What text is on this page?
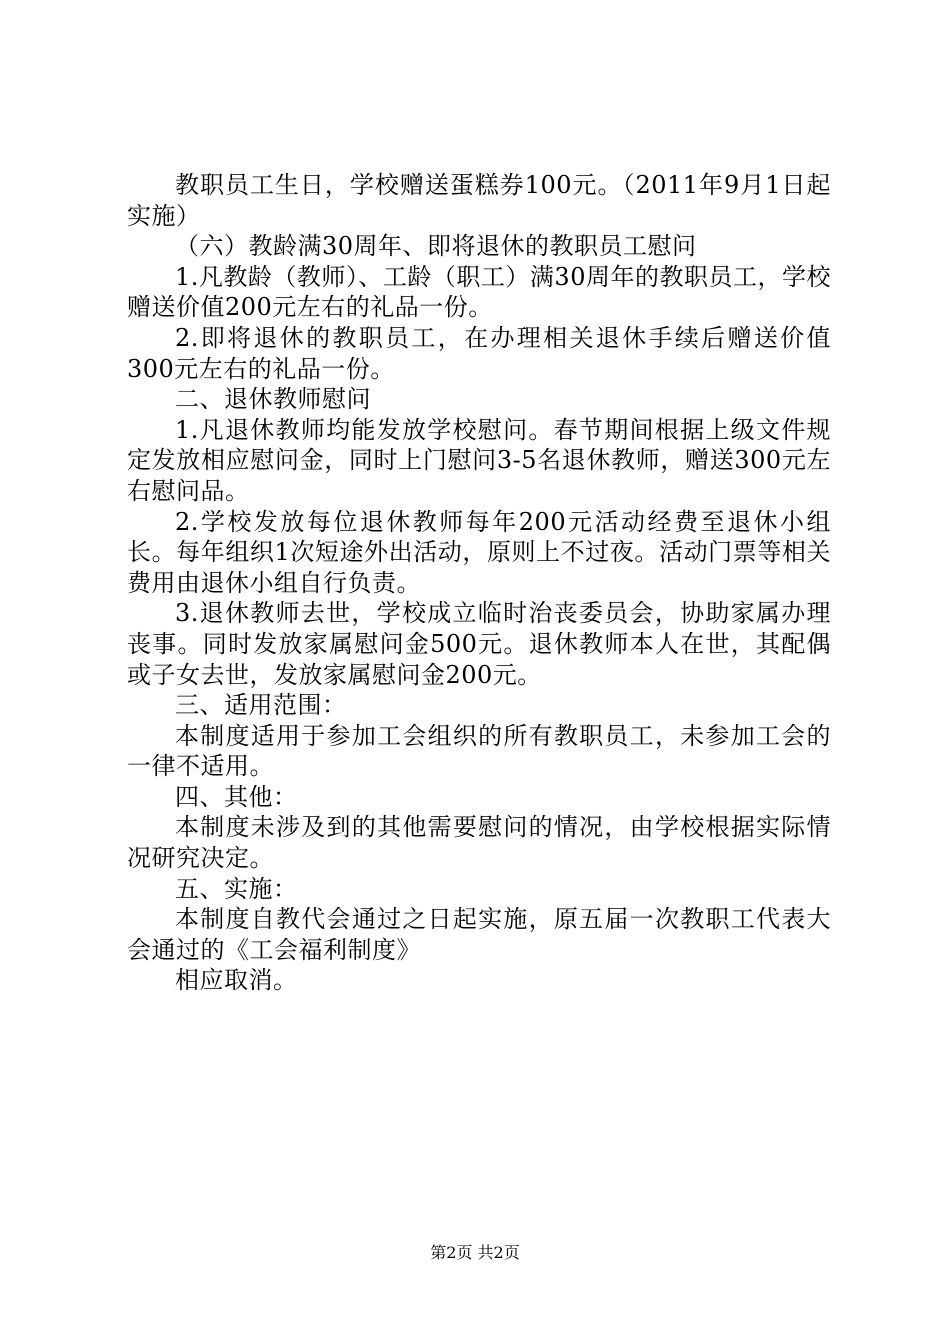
教职员工生日，学校赠送蛋糕券100元。（2011年9月1日起实施）

（六）教龄满30周年、即将退休的教职员工慰问

1.凡教龄（教师）、工龄（职工）满30周年的教职员工，学校赠送价值200元左右的礼品一份。

2.即将退休的教职员工，在办理相关退休手续后赠送价值300元左右的礼品一份。

二、退休教师慰问

1.凡退休教师均能发放学校慰问。春节期间根据上级文件规定发放相应慰问金，同时上门慰问3-5名退休教师，赠送300元左右慰问品。

2.学校发放每位退休教师每年200元活动经费至退休小组长。每年组织1次短途外出活动，原则上不过夜。活动门票等相关费用由退休小组自行负责。

3.退休教师去世，学校成立临时治丧委员会，协助家属办理丧事。同时发放家属慰问金500元。退休教师本人在世，其配偶或子女去世，发放家属慰问金200元。

三、适用范围：

本制度适用于参加工会组织的所有教职员工，未参加工会的一律不适用。

四、其他：

本制度未涉及到的其他需要慰问的情况，由学校根据实际情况研究决定。

五、实施：

本制度自教代会通过之日起实施，原五届一次教职工代表大会通过的《工会福利制度》

相应取消。

第2页 共2页
